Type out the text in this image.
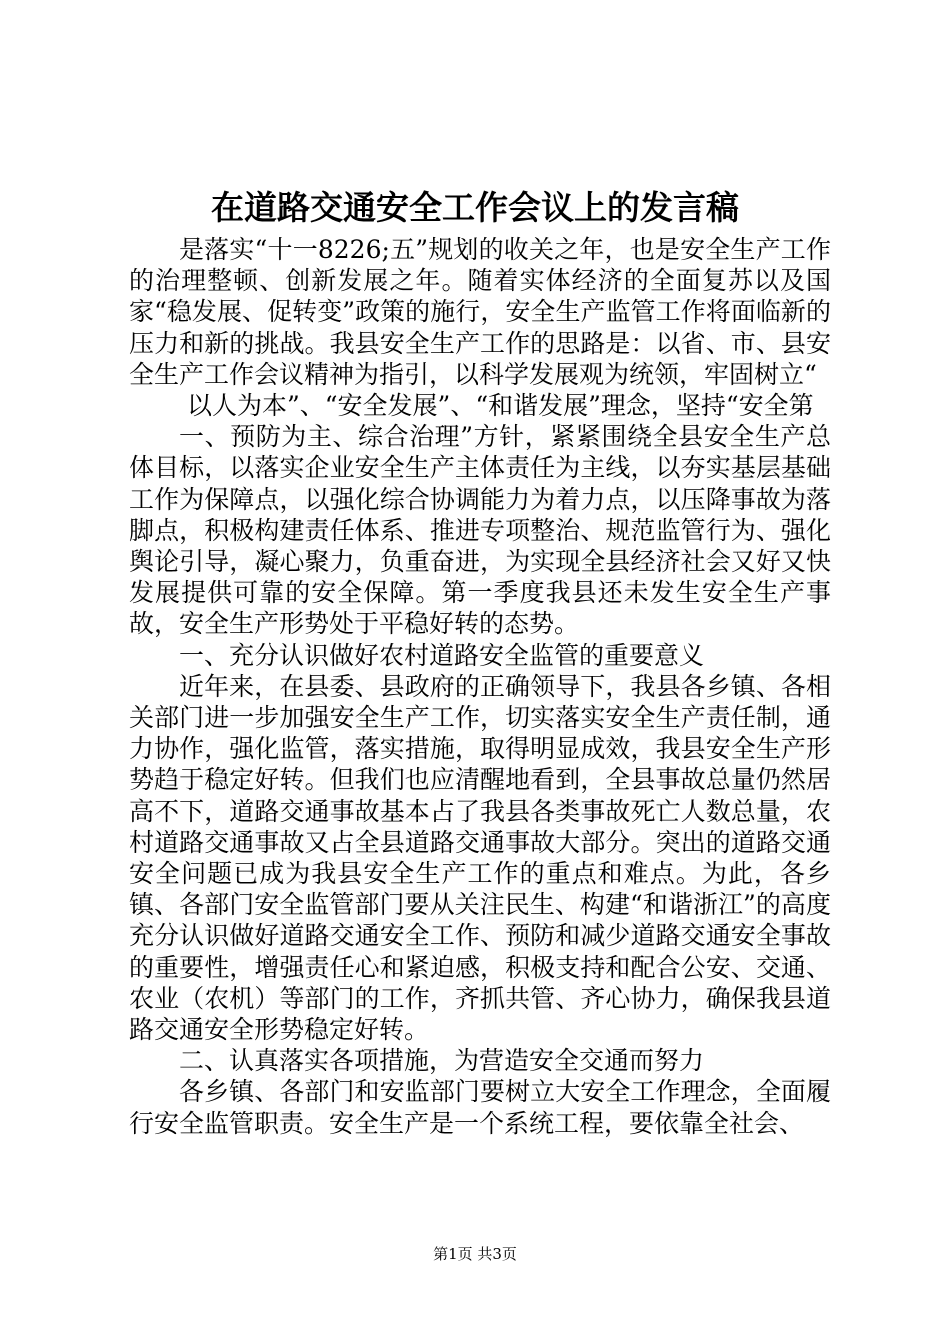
在道路交通安全工作会议上的发言稿

是落实“十一8226;五”规划的收关之年，也是安全生产工作的治理整顿、创新发展之年。随着实体经济的全面复苏以及国家“稳发展、促转变”政策的施行，安全生产监管工作将面临新的压力和新的挑战。我县安全生产工作的思路是：以省、市、县安全生产工作会议精神为指引，以科学发展观为统领，牢固树立“

以人为本”、“安全发展”、“和谐发展”理念，坚持“安全第

一、预防为主、综合治理”方针，紧紧围绕全县安全生产总体目标，以落实企业安全生产主体责任为主线，以夯实基层基础工作为保障点，以强化综合协调能力为着力点，以压降事故为落脚点，积极构建责任体系、推进专项整治、规范监管行为、强化舆论引导，凝心聚力，负重奋进，为实现全县经济社会又好又快发展提供可靠的安全保障。第一季度我县还未发生安全生产事故，安全生产形势处于平稳好转的态势。

一、充分认识做好农村道路安全监管的重要意义

近年来，在县委、县政府的正确领导下，我县各乡镇、各相关部门进一步加强安全生产工作，切实落实安全生产责任制，通力协作，强化监管，落实措施，取得明显成效，我县安全生产形势趋于稳定好转。但我们也应清醒地看到，全县事故总量仍然居高不下，道路交通事故基本占了我县各类事故死亡人数总量，农村道路交通事故又占全县道路交通事故大部分。突出的道路交通安全问题已成为我县安全生产工作的重点和难点。为此，各乡镇、各部门安全监管部门要从关注民生、构建“和谐浙江”的高度充分认识做好道路交通安全工作、预防和减少道路交通安全事故的重要性，增强责任心和紧迫感，积极支持和配合公安、交通、农业（农机）等部门的工作，齐抓共管、齐心协力，确保我县道路交通安全形势稳定好转。

二、认真落实各项措施，为营造安全交通而努力

各乡镇、各部门和安监部门要树立大安全工作理念，全面履行安全监管职责。安全生产是一个系统工程，要依靠全社会、

第1页 共3页
